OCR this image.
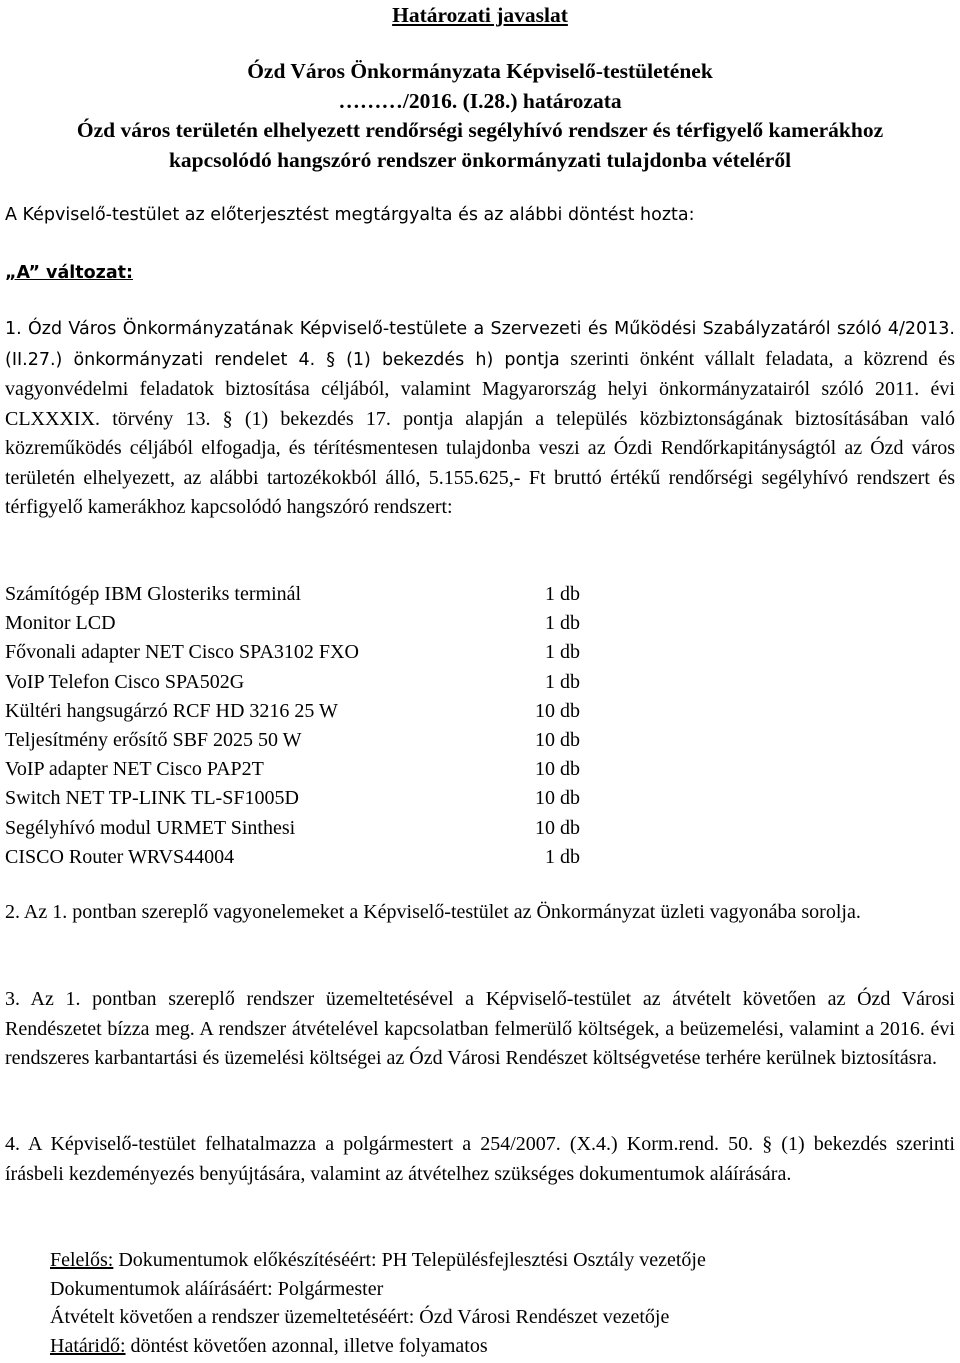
Határozati javaslat
Ózd Város Önkormányzata Képviselő-testületének
………/2016. (I.28.) határozata
Ózd város területén elhelyezett rendőrségi segélyhívó rendszer és térfigyelő kamerákhoz
kapcsolódó hangszóró rendszer önkormányzati tulajdonba vételéről
A Képviselő-testület az előterjesztést megtárgyalta és az alábbi döntést hozta:
„A” változat:

1. Ózd Város Önkormányzatának Képviselő-testülete a Szervezeti és Működési Szabályzatáról szóló 4/2013. (II.27.) önkormányzati rendelet 4. § (1) bekezdés h) pontja szerinti önként vállalt feladata, a közrend és vagyonvédelmi feladatok biztosítása céljából, valamint Magyarország helyi önkormányzatairól szóló 2011. évi CLXXXIX. törvény 13. § (1) bekezdés 17. pontja alapján a település közbiztonságának biztosításában való közreműködés céljából elfogadja, és térítésmentesen tulajdonba veszi az Ózdi Rendőrkapitányságtól az Ózd város területén elhelyezett, az alábbi tartozékokból álló, 5.155.625,- Ft bruttó értékű rendőrségi segélyhívó rendszert és térfigyelő kamerákhoz kapcsolódó hangszóró rendszert:

Számítógép IBM Glosteriks terminál	1 db
Monitor LCD	1 db
Fővonali adapter NET Cisco SPA3102 FXO	1 db
VoIP Telefon Cisco SPA502G	1 db
Kültéri hangsugárzó RCF HD 3216 25 W	10 db
Teljesítmény erősítő SBF 2025 50 W	10 db
VoIP adapter NET Cisco PAP2T	10 db
Switch NET TP-LINK TL-SF1005D	10 db
Segélyhívó modul URMET Sinthesi	10 db
CISCO Router WRVS44004	1 db

2. Az 1. pontban szereplő vagyonelemeket a Képviselő-testület az Önkormányzat üzleti vagyonába sorolja.

3. Az 1. pontban szereplő rendszer üzemeltetésével a Képviselő-testület az átvételt követően az Ózd Városi Rendészetet bízza meg. A rendszer átvételével kapcsolatban felmerülő költségek, a beüzemelési, valamint a 2016. évi rendszeres karbantartási és üzemelési költségei az Ózd Városi Rendészet költségvetése terhére kerülnek biztosításra.

4. A Képviselő-testület felhatalmazza a polgármestert a 254/2007. (X.4.) Korm.rend. 50. § (1) bekezdés szerinti írásbeli kezdeményezés benyújtására, valamint az átvételhez szükséges dokumentumok aláírására.

Felelős: Dokumentumok előkészítéséért: PH Településfejlesztési Osztály vezetője
Dokumentumok aláírásáért: Polgármester
Átvételt követően a rendszer üzemeltetéséért: Ózd Városi Rendészet vezetője
Határidő: döntést követően azonnal, illetve folyamatos
